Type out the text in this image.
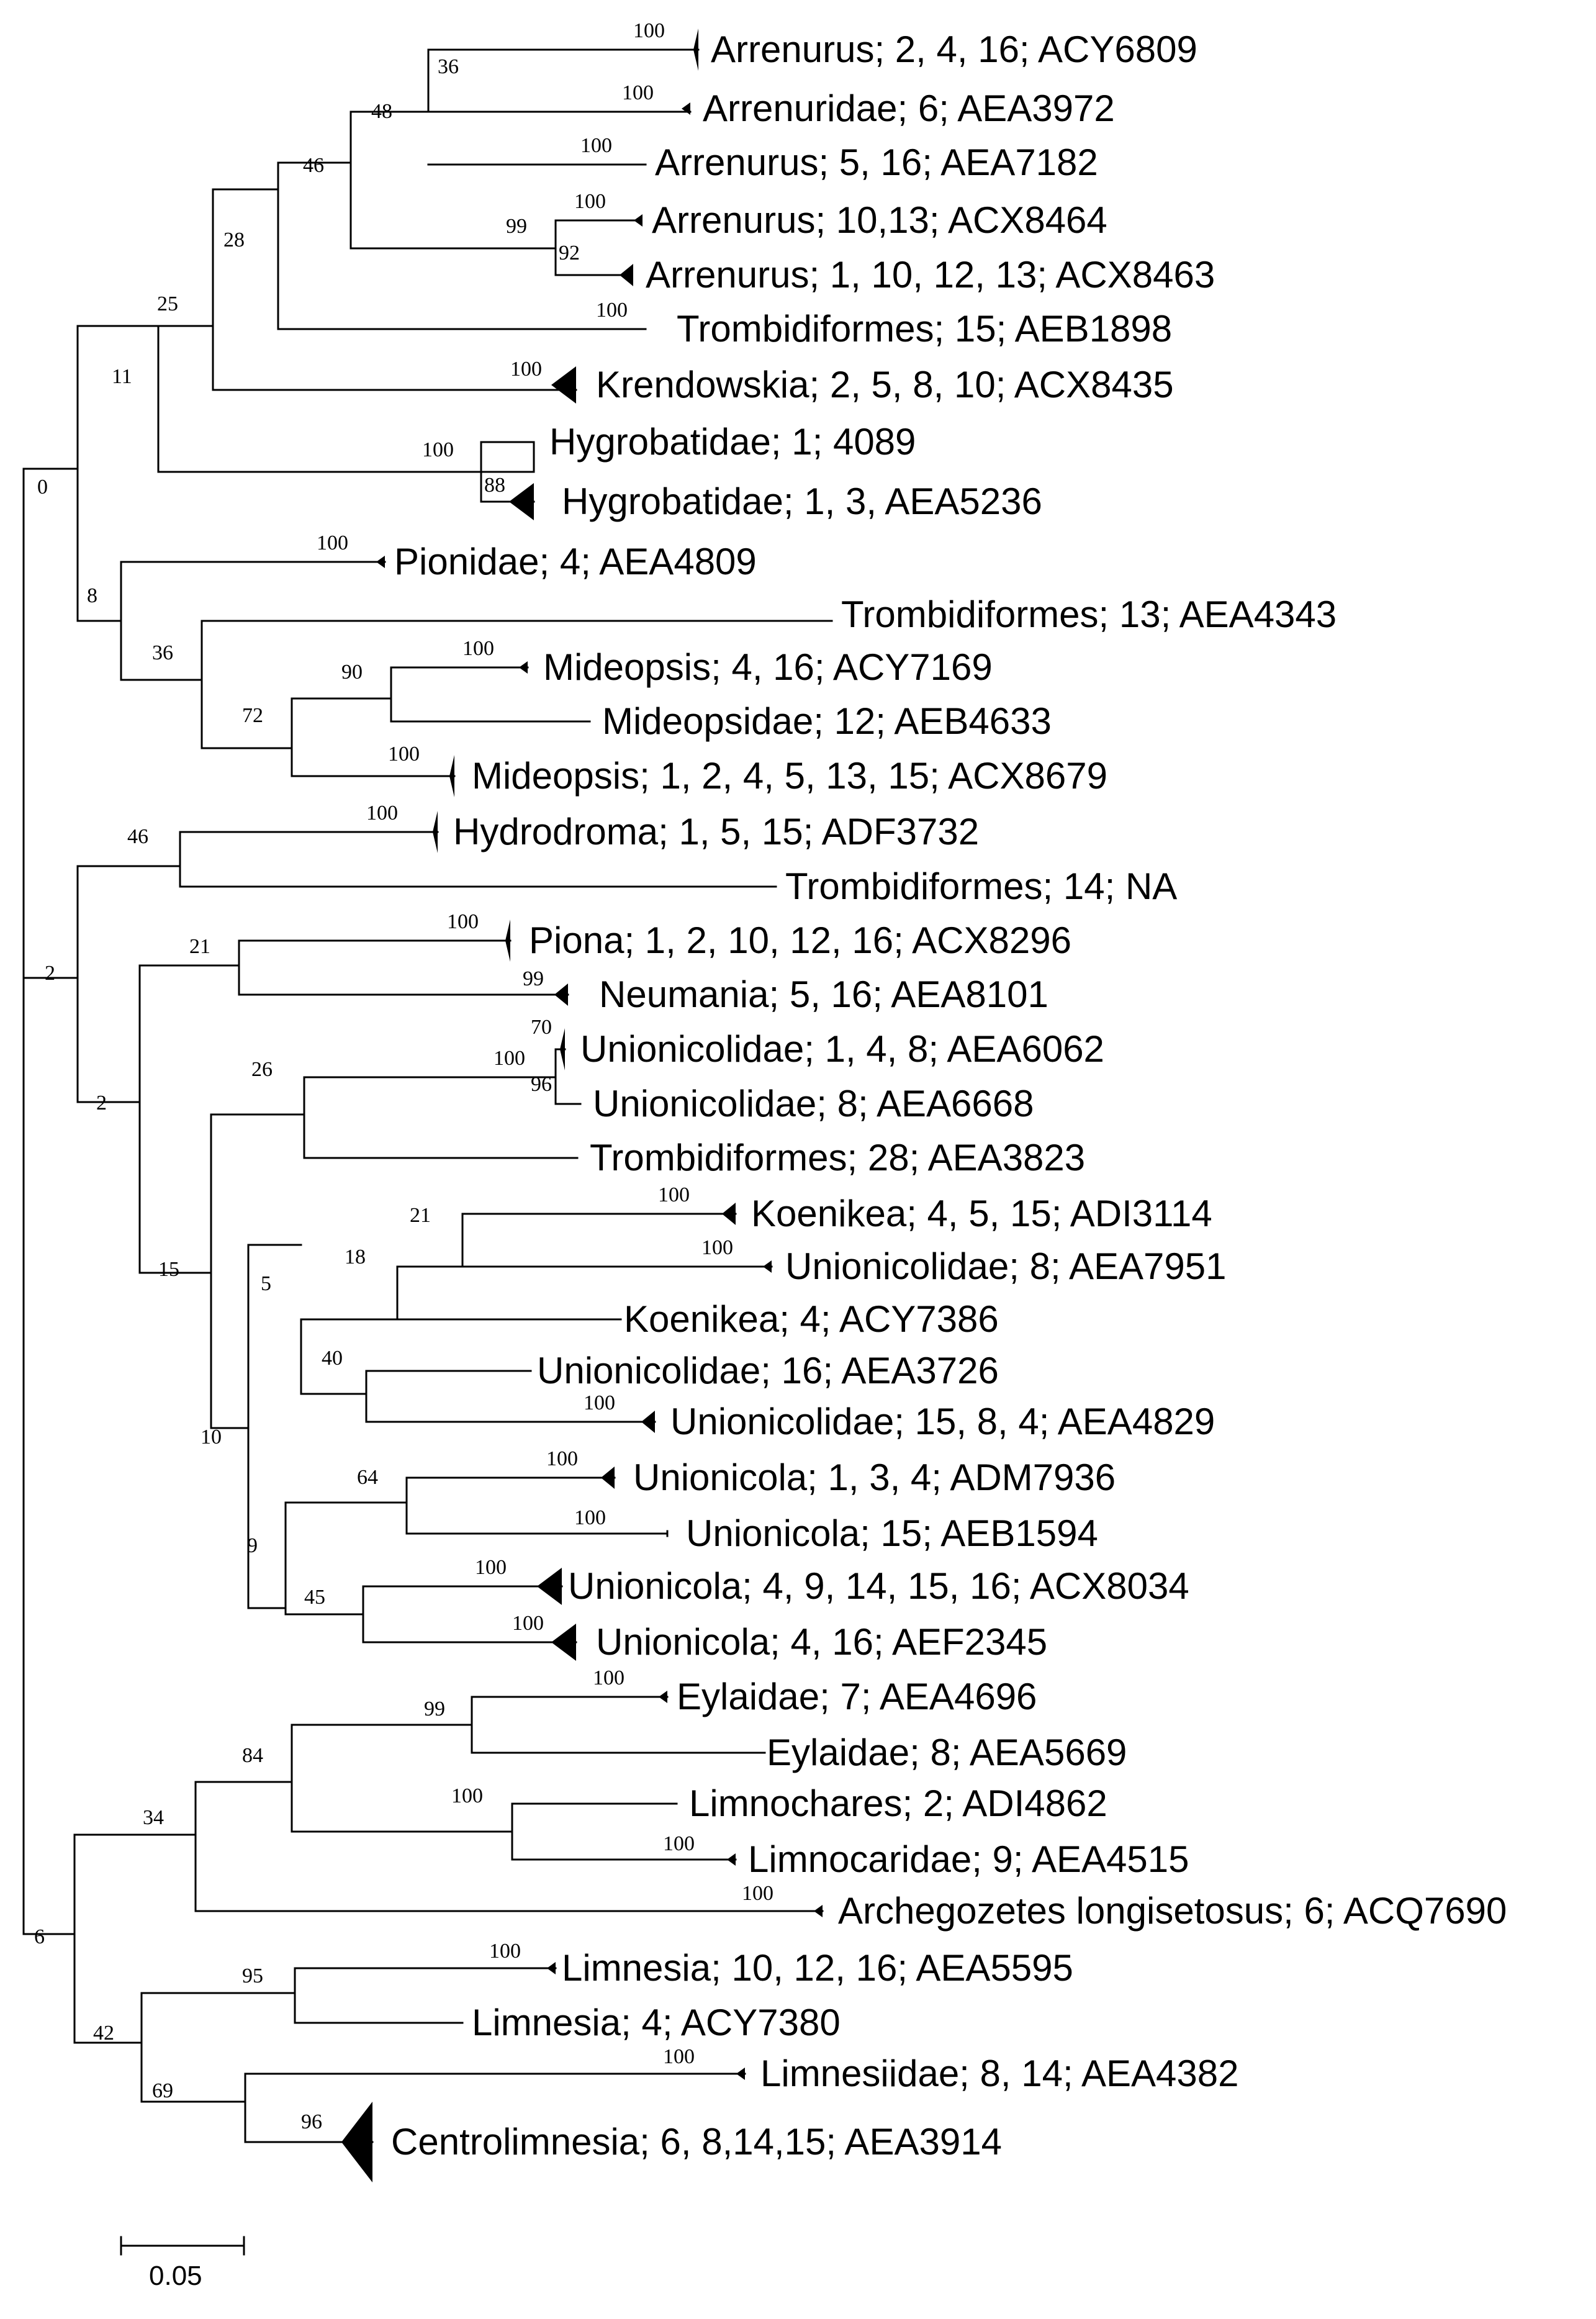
Arrenurus; 2, 4, 16; ACY6809
Arrenuridae; 6; AEA3972
Arrenurus; 5, 16; AEA7182
Arrenurus; 10,13; ACX8464
Arrenurus; 1, 10, 12, 13; ACX8463
Trombidiformes; 15; AEB1898
Krendowskia; 2, 5, 8, 10; ACX8435
Hygrobatidae; 1; 4089
Hygrobatidae; 1, 3, AEA5236
Pionidae; 4; AEA4809
Trombidiformes; 13; AEA4343
Mideopsis; 4, 16; ACY7169
Mideopsidae; 12; AEB4633
Mideopsis; 1, 2, 4, 5, 13, 15; ACX8679
Hydrodroma; 1, 5, 15; ADF3732
Trombidiformes; 14; NA
Piona; 1, 2, 10, 12, 16; ACX8296
Neumania; 5, 16; AEA8101
Unionicolidae; 1, 4, 8; AEA6062
Unionicolidae; 8; AEA6668
Trombidiformes; 28; AEA3823
Koenikea; 4, 5, 15; ADI3114
Unionicolidae; 8; AEA7951
Koenikea; 4; ACY7386
Unionicolidae; 16; AEA3726
Unionicolidae; 15, 8, 4; AEA4829
Unionicola; 1, 3, 4; ADM7936
Unionicola; 15; AEB1594
Unionicola; 4, 9, 14, 15, 16; ACX8034
Unionicola; 4, 16; AEF2345
Eylaidae; 7; AEA4696
Eylaidae; 8; AEA5669
Limnochares; 2; ADI4862
Limnocaridae; 9; AEA4515
Archegozetes longisetosus; 6; ACQ7690
Limnesia; 10, 12, 16; AEA5595
Limnesia; 4; ACY7380
Limnesiidae; 8, 14; AEA4382
Centrolimnesia; 6, 8,14,15; AEA3914
100
36
100
48
100
46
100
99
92
28
100
25
100
11
100
88
0
100
8
36	100
90
72
100
100
46
2
100
21
99
70
100
96
26
2
100
21
100
18
15
5
40
100
10
100
64
100
9
100
45
100
100
99
84
100
100
34
100
6
100
95
42
100
69
96
0.05
